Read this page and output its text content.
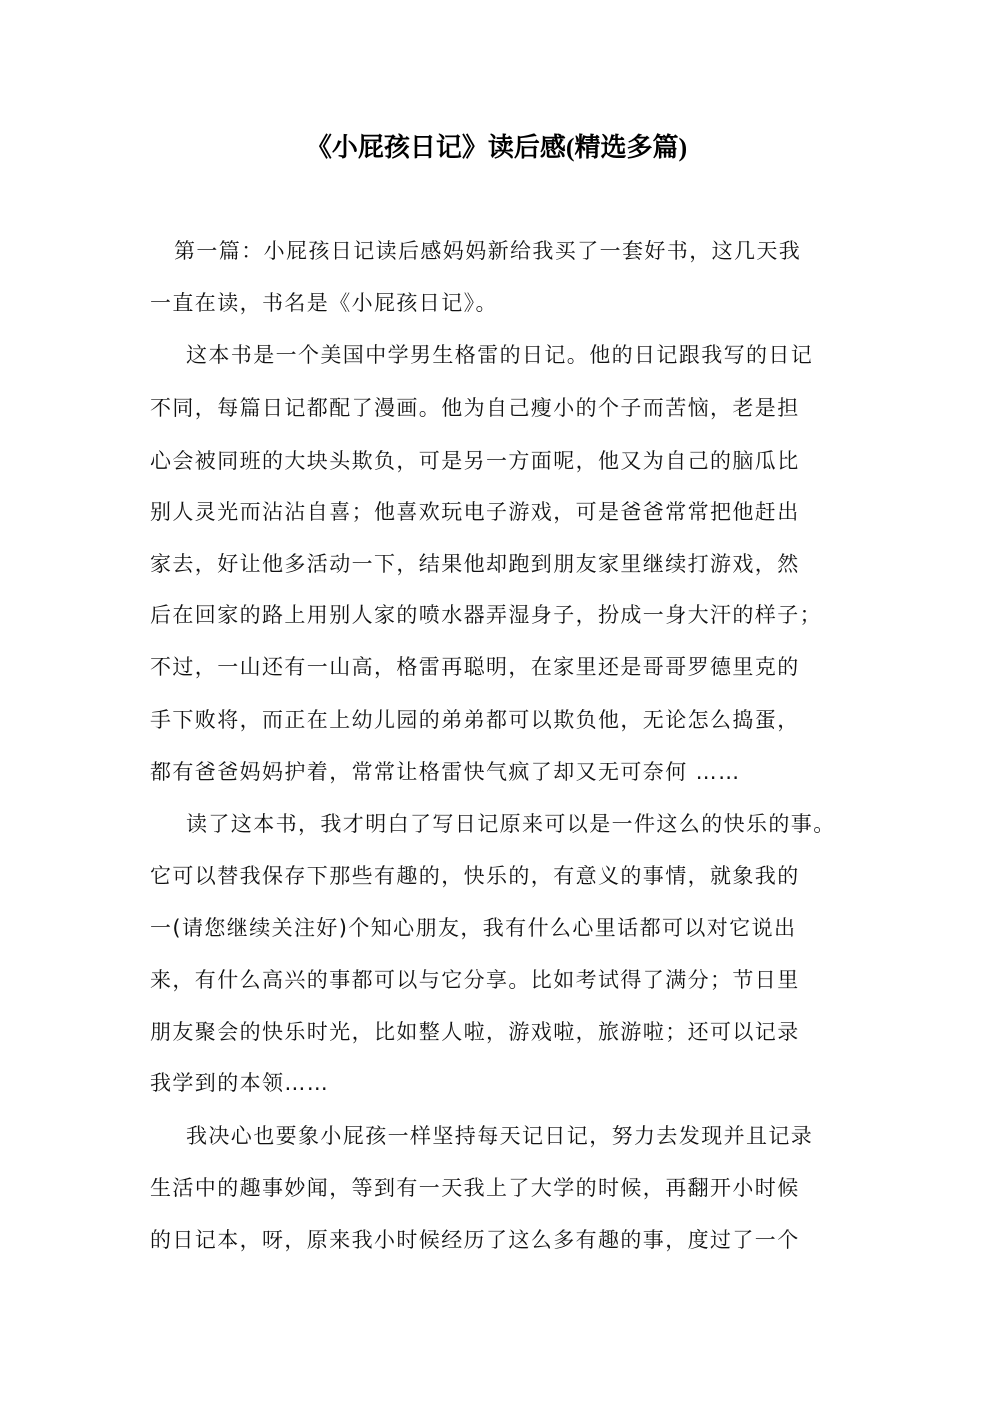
《小屁孩日记》读后感(精选多篇)
第一篇：小屁孩日记读后感妈妈新给我买了一套好书，这几天我
一直在读，书名是《小屁孩日记》。
这本书是一个美国中学男生格雷的日记。他的日记跟我写的日记
不同，每篇日记都配了漫画。他为自己瘦小的个子而苦恼，老是担
心会被同班的大块头欺负，可是另一方面呢，他又为自己的脑瓜比
别人灵光而沾沾自喜；他喜欢玩电子游戏，可是爸爸常常把他赶出
家去，好让他多活动一下，结果他却跑到朋友家里继续打游戏，然
后在回家的路上用别人家的喷水器弄湿身子，扮成一身大汗的样子；
不过，一山还有一山高，格雷再聪明，在家里还是哥哥罗德里克的
手下败将，而正在上幼儿园的弟弟都可以欺负他，无论怎么捣蛋，
都有爸爸妈妈护着，常常让格雷快气疯了却又无可奈何 ……
读了这本书，我才明白了写日记原来可以是一件这么的快乐的事。
它可以替我保存下那些有趣的，快乐的，有意义的事情，就象我的
一(请您继续关注好)个知心朋友，我有什么心里话都可以对它说出
来，有什么高兴的事都可以与它分享。比如考试得了满分；节日里
朋友聚会的快乐时光，比如整人啦，游戏啦，旅游啦；还可以记录
我学到的本领……
我决心也要象小屁孩一样坚持每天记日记，努力去发现并且记录
生活中的趣事妙闻，等到有一天我上了大学的时候，再翻开小时候
的日记本，呀，原来我小时候经历了这么多有趣的事，度过了一个
